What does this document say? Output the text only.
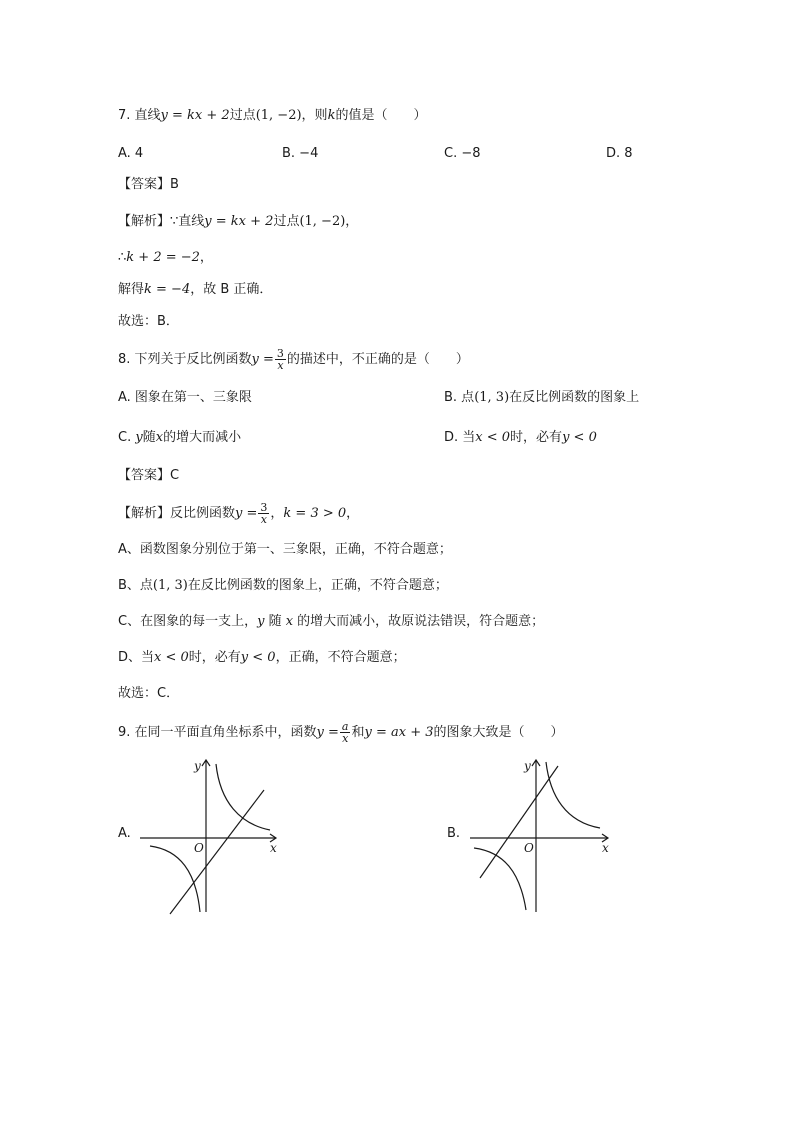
7. 直线y = kx + 2过点(1, −2)，则k的值是（　　）
A. 4	B. −4	C. −8	D. 8
【答案】B
【解析】∵直线y = kx + 2过点(1, −2)，
∴k + 2 = −2，
解得k = −4，故 B 正确．
故选：B．
8. 下列关于反比例函数$y = \frac{3}{x}$ 的描述中，不正确的是（　　）
A. 图象在第一、三象限	B. 点(1, 3)在反比例函数的图象上
C. y随x的增大而减小	D. 当x < 0时，必有y < 0
【答案】C
【解析】反比例函数$y = \frac{3}{x}$ ，k = 3 > 0，
A、函数图象分别位于第一、三象限，正确，不符合题意；
B、点(1, 3)在反比例函数的图象上，正确，不符合题意；
C、在图象的每一支上，y 随 x 的增大而减小，故原说法错误，符合题意；
D、当x < 0时，必有y < 0，正确，不符合题意；
故选：C．
9. 在同一平面直角坐标系中，函数$y = \frac{a}{x}$ 和y = ax + 3的图象大致是（　　）
A.
x
y
O
B.
x
y
O
